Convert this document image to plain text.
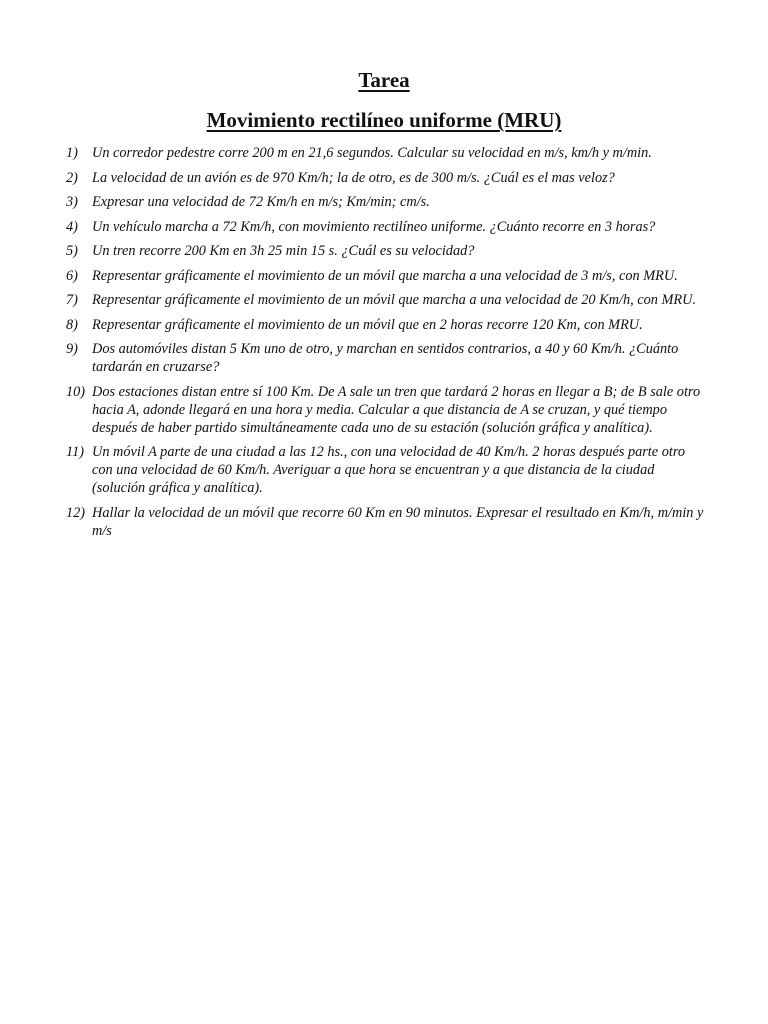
Tarea
Movimiento rectilíneo uniforme (MRU)
1) Un corredor pedestre corre 200 m en 21,6 segundos. Calcular su velocidad en m/s, km/h y m/min.
2) La velocidad de un avión es de 970 Km/h; la de otro, es de 300 m/s. ¿Cuál es el mas veloz?
3) Expresar una velocidad de 72 Km/h en m/s; Km/min; cm/s.
4) Un vehículo marcha a 72 Km/h, con movimiento rectilíneo uniforme. ¿Cuánto recorre en 3 horas?
5) Un tren recorre 200 Km en 3h 25 min 15 s. ¿Cuál es su velocidad?
6) Representar gráficamente el movimiento de un móvil que marcha a una velocidad de 3 m/s, con MRU.
7) Representar gráficamente el movimiento de un móvil que marcha a una velocidad de 20 Km/h, con MRU.
8) Representar gráficamente el movimiento de un móvil que en 2 horas recorre 120 Km, con MRU.
9) Dos automóviles distan 5 Km uno de otro, y marchan en sentidos contrarios, a 40 y 60 Km/h. ¿Cuánto tardarán en cruzarse?
10) Dos estaciones distan entre sí 100 Km. De A sale un tren que tardará 2 horas en llegar a B; de B sale otro hacia A, adonde llegará en una hora y media. Calcular a que distancia de A se cruzan, y qué tiempo después de haber partido simultáneamente cada uno de su estación (solución gráfica y analítica).
11) Un móvil A parte de una ciudad a las 12 hs., con una velocidad de 40 Km/h. 2 horas después parte otro con una velocidad de 60 Km/h. Averiguar a que hora se encuentran y a que distancia de la ciudad (solución gráfica y analítica).
12) Hallar la velocidad de un móvil que recorre 60 Km en 90 minutos. Expresar el resultado en Km/h, m/min y m/s
